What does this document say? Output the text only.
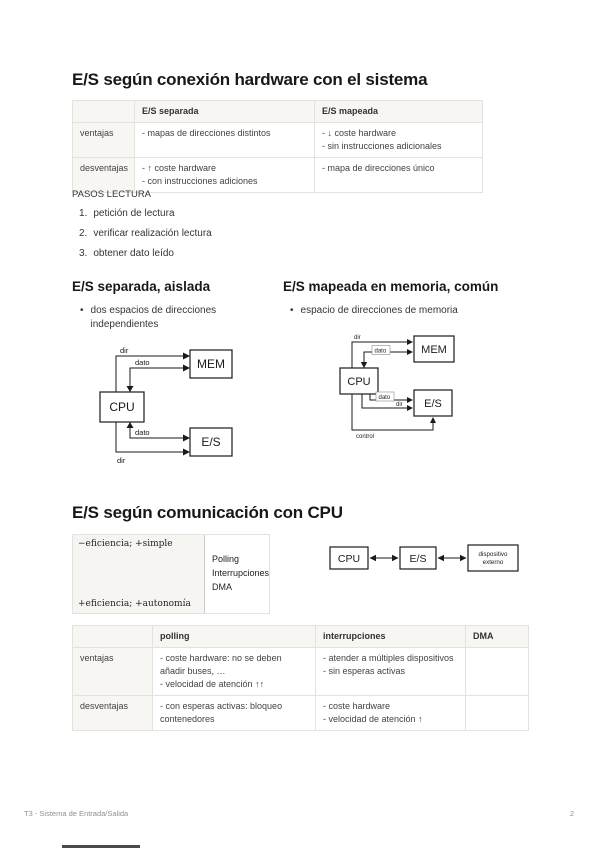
E/S según conexión hardware con el sistema
	E/S separada	E/S mapeada
ventajas	- mapas de direcciones distintos	- ↓ coste hardware
- sin instrucciones adicionales
desventajas	- ↑ coste hardware
- con instrucciones adiciones	- mapa de direcciones único
PASOS LECTURA
1. petición de lectura
2. verificar realización lectura
3. obtener dato leído
E/S separada, aislada	E/S mapeada en memoria, común
• dos espacios de direcciones independientes
• espacio de direcciones de memoria
CPU
MEM
E/S
dir
dato
dato
dir
CPU
MEM
E/S
dir
dato
dato
dir
control
E/S según comunicación con CPU
−eficiencia; +simple
+eficiencia; +autonomía
Polling
Interrupciones
DMA
CPU	E/S	dispositivo
externo
	polling	interrupciones	DMA
ventajas	- coste hardware: no se deben añadir buses, …
- velocidad de atención ↑↑	- atender a múltiples dispositivos
- sin esperas activas	
desventajas	- con esperas activas: bloqueo contenedores	- coste hardware
- velocidad de atención ↑	
T3 - Sistema de Entrada/Salida	2
